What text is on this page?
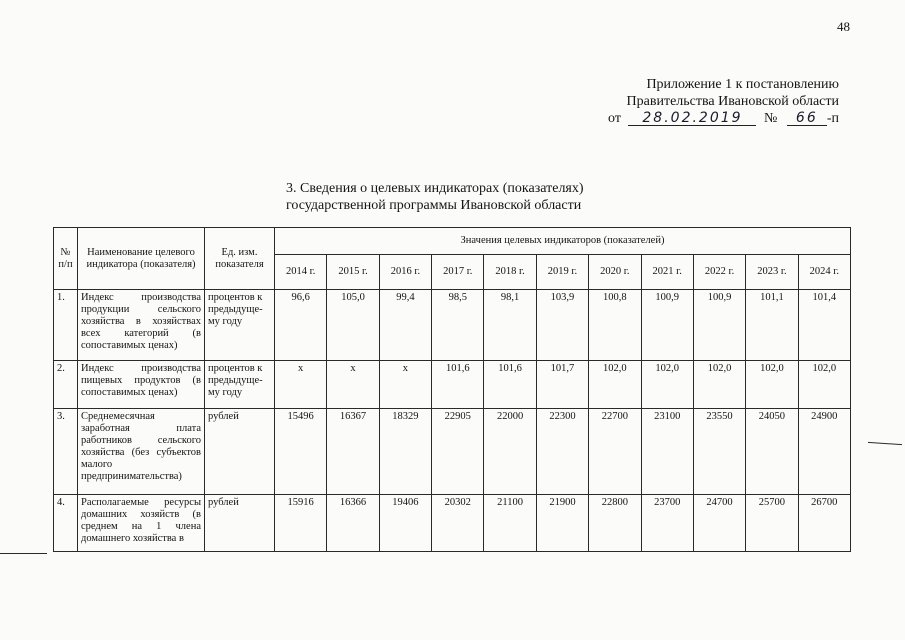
48
Приложение 1 к постановлению
Правительства Ивановской области
от 28.02.2019 № 66 -п
3. Сведения о целевых индикаторах (показателях)
государственной программы Ивановской области
№ п/п	Наименование целевого индикатора (показателя)	Ед. изм. показателя	Значения целевых индикаторов (показателей)										
			2014 г.	2015 г.	2016 г.	2017 г.	2018 г.	2019 г.	2020 г.	2021 г.	2022 г.	2023 г.	2024 г.
1.	Индекс производства продукции сельского хозяйства в хозяйствах всех категорий (в сопоставимых ценах)	процентов к предыдуще-му году	96,6	105,0	99,4	98,5	98,1	103,9	100,8	100,9	100,9	101,1	101,4
2.	Индекс производства пищевых продуктов (в сопоставимых ценах)	процентов к предыдуще-му году	x	x	x	101,6	101,6	101,7	102,0	102,0	102,0	102,0	102,0
3.	Среднемесячная заработная плата работников сельского хозяйства (без субъектов малого предпринимательства)	рублей	15496	16367	18329	22905	22000	22300	22700	23100	23550	24050	24900
4.	Располагаемые ресурсы домашних хозяйств (в среднем на 1 члена домашнего хозяйства в	рублей	15916	16366	19406	20302	21100	21900	22800	23700	24700	25700	26700
